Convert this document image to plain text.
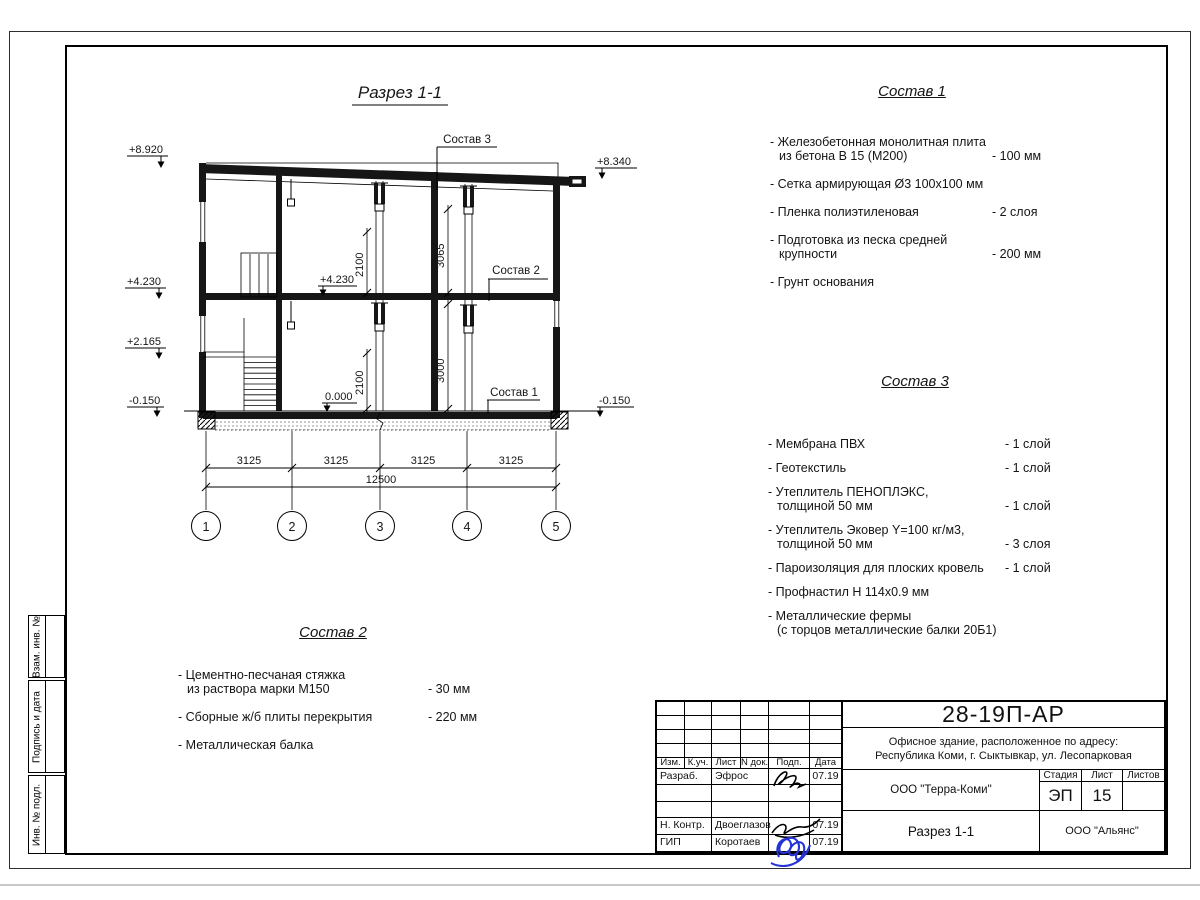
Взам. инв. №
Подпись и дата
Инв. № подл.
Разрез 1-1
Состав 3
Состав 2
Состав 1
+8.920
+4.230
+2.165
-0.150
+8.340
-0.150
+4.230
0.000
2100	3065
2100	3000
3125	3125	3125	3125
12500
1	2	3	4	5
Состав 1
- Железобетонная монолитная плита
из бетона В 15 (М200)	- 100 мм
- Сетка армирующая Ø3 100х100 мм
- Пленка полиэтиленовая	- 2 слоя
- Подготовка из песка средней
крупности	- 200 мм
- Грунт основания
Состав 3
- Мембрана ПВХ	- 1 слой
- Геотекстиль	- 1 слой
- Утеплитель ПЕНОПЛЭКС,
толщиной 50 мм	- 1 слой
- Утеплитель Эковер Y=100 кг/м3,
толщиной 50 мм	- 3 слоя
- Пароизоляция для плоских кровель	- 1 слой
- Профнастил Н 114х0.9 мм
- Металлические фермы
(с торцов металлические балки 20Б1)
Состав 2
- Цементно-песчаная стяжка
из раствора марки М150	- 30 мм
- Сборные ж/б плиты перекрытия	- 220 мм
- Металлическая балка
Изм. К.уч. Лист N док. Подп.	Дата
Разраб.	Эфрос	07.19
Н. Контр. Двоеглазов	07.19
ГИП	Коротаев	07.19
28-19П-АР
Офисное здание, расположенное по адресу:
Республика Коми, г. Сыктывкар, ул. Лесопарковая
ООО "Терра-Коми"
Стадия
ЭП
Лист
15
Листов
Разрез 1-1	ООО "Альянс"
